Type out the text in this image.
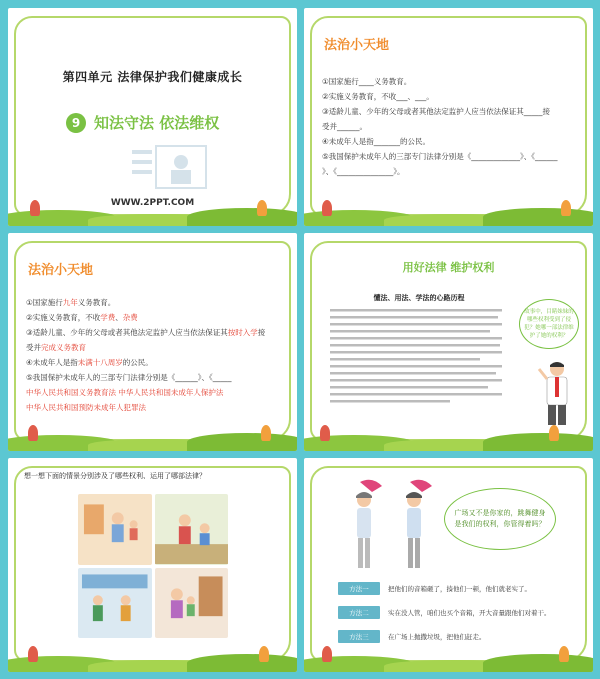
第四单元 法律保护我们健康成长
9 知法守法 依法维权
WWW.2PPT.COM
法治小天地

①国家施行____义务教育。

②实施义务教育，不收___、___。

③适龄儿童、少年的父母或者其他法定监护人应当依法保证其_____接

受并______。

④未成年人是指_______的公民。

⑤我国保护未成年人的三部专门法律分别是《_____________》、《______

》、《_______________》。

法治小天地

①国家施行九年义务教育。

②实施义务教育，不收学费、杂费

③适龄儿童、少年的父母或者其他法定监护人应当依法保证其按时入学接

受并完成义务教育

④未成年人是指未满十八周岁的公民。

⑤我国保护未成年人的三部专门法律分别是《______》、《_____

中华人民共和国义务教育法 中华人民共和国未成年人保护法

中华人民共和国预防未成年人犯罪法

用好法律 维护权利
懂法、用法、学法的心路历程
故事中，目睹妹妹的哪些权利受到了侵犯？她哪一部法律维护了她的权利？
想一想下面的情景分别涉及了哪些权利、运用了哪部法律？
广场又不是你家的，跳舞健身是我们的权利，你管得着吗？
方法一	把他们的音箱砸了，揍他们一顿，他们就老实了。
方法二	实在没人管，咱们也买个音箱，开大音量跟他们对着干。
方法三	在广场上抛撒垃圾，把他们赶走。
